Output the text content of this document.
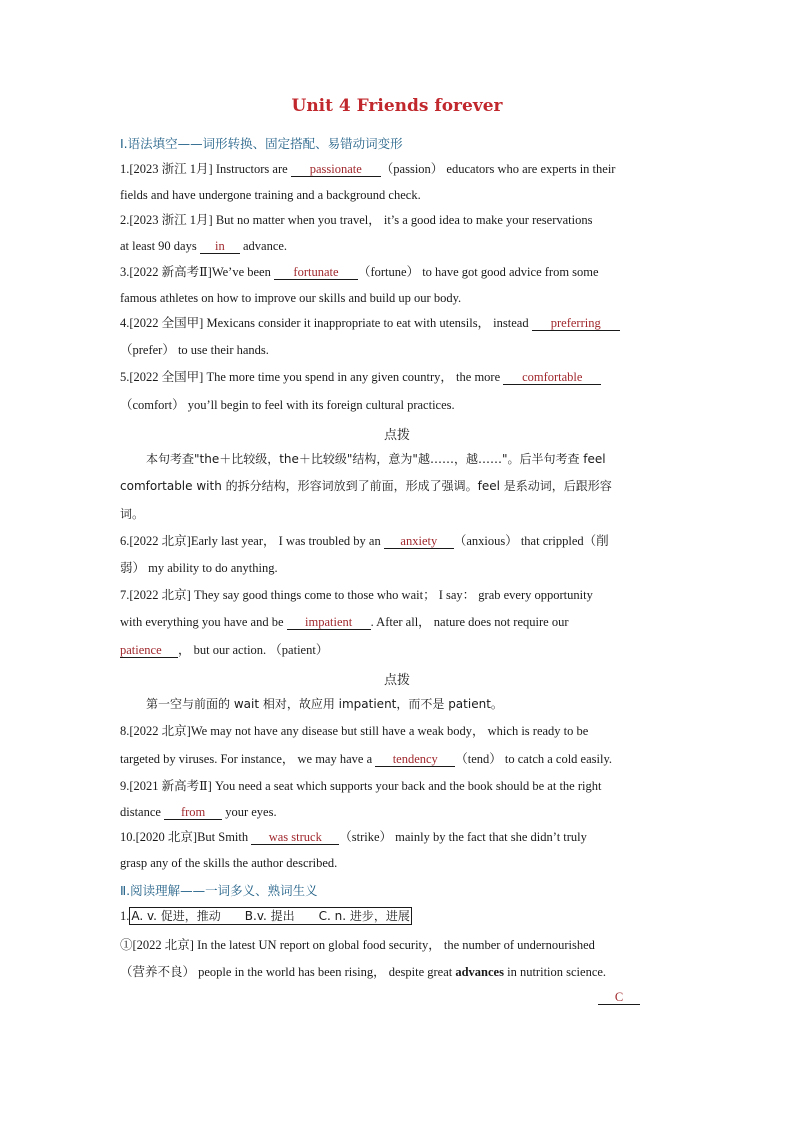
Unit 4 Friends forever
Ⅰ.语法填空——词形转换、固定搭配、易错动词变形
1.[2023 浙江 1月] Instructors are passionate （passion） educators who are experts in their
fields and have undergone training and a background check.
2.[2023 浙江 1月] But no matter when you travel， it’s a good idea to make your reservations
at least 90 days in advance.
3.[2022 新高考Ⅱ]We’ve been fortunate （fortune） to have got good advice from some
famous athletes on how to improve our skills and build up our body.
4.[2022 全国甲] Mexicans consider it inappropriate to eat with utensils， instead preferring
（prefer） to use their hands.
5.[2022 全国甲] The more time you spend in any given country， the more comfortable
（comfort） you’ll begin to feel with its foreign cultural practices.
点拨
本句考查"the＋比较级，the＋比较级"结构，意为"越……，越……"。后半句考查 feel
comfortable with 的拆分结构，形容词放到了前面，形成了强调。feel 是系动词，后跟形容
词。
6.[2022 北京]Early last year， I was troubled by an anxiety （anxious） that crippled（削
弱） my ability to do anything.
7.[2022 北京] They say good things come to those who wait； I say： grab every opportunity
with everything you have and be impatient . After all， nature does not require our
patience ， but our action. （patient）
点拨
第一空与前面的 wait 相对，故应用 impatient，而不是 patient。
8.[2022 北京]We may not have any disease but still have a weak body， which is ready to be
targeted by viruses. For instance， we may have a tendency （tend） to catch a cold easily.
9.[2021 新高考Ⅱ] You need a seat which supports your back and the book should be at the right
distance from your eyes.
10.[2020 北京]But Smith was struck （strike） mainly by the fact that she didn’t truly
grasp any of the skills the author described.
Ⅱ.阅读理解——一词多义、熟词生义
1. A. v. 促进，推动　　B.v. 提出　　C. n. 进步，进展
①[2022 北京] In the latest UN report on global food security， the number of undernourished
（营养不良） people in the world has been rising， despite great advances in nutrition science.
C
